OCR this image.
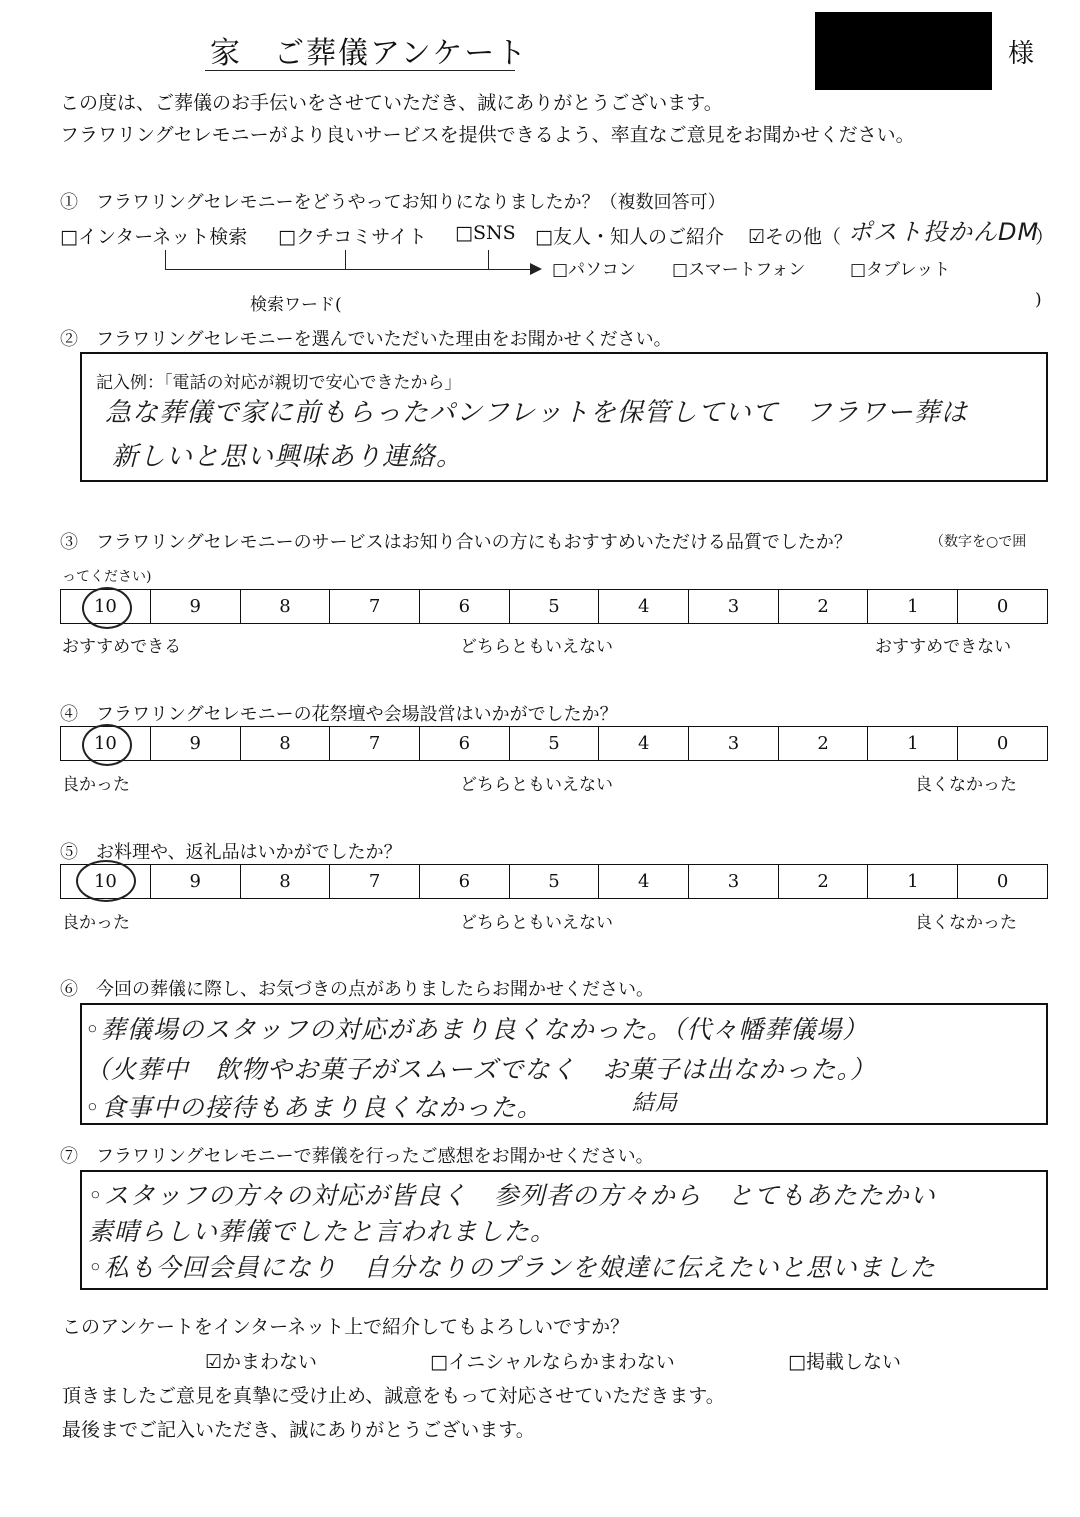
家　ご葬儀アンケート	様
この度は、ご葬儀のお手伝いをさせていただき、誠にありがとうございます。
フラワリングセレモニーがより良いサービスを提供できるよう、率直なご意見をお聞かせください。
①　フラワリングセレモニーをどうやってお知りになりましたか？（複数回答可）
□インターネット検索 □クチコミサイト □SNS □友人・知人のご紹介 ☑その他（ ポスト投かんDM
）
□パソコン □スマートフォン	□タブレット
検索ワード(	)
②　フラワリングセレモニーを選んでいただいた理由をお聞かせください。
記入例：「電話の対応が親切で安心できたから」
急な葬儀で家に前もらったパンフレットを保管していて　フラワー葬は
新しいと思い興味あり連絡。
③　フラワリングセレモニーのサービスはお知り合いの方にもおすすめいただける品質でしたか？	（数字を○で囲
ってください)
10	9	8	7	6	5	4	3	2	1	0
おすすめできる	どちらともいえない	おすすめできない
④　フラワリングセレモニーの花祭壇や会場設営はいかがでしたか？
10	9	8	7	6	5	4	3	2	1	0
良かった	どちらともいえない	良くなかった
⑤　お料理や、返礼品はいかがでしたか？
10	9	8	7	6	5	4	3	2	1	0
良かった	どちらともいえない	良くなかった
⑥　今回の葬儀に際し、お気づきの点がありましたらお聞かせください。
◦葬儀場のスタッフの対応があまり良くなかった。（代々幡葬儀場）
（火葬中　飲物やお菓子がスムーズでなく　お菓子は出なかった。）
◦食事中の接待もあまり良くなかった。	結局
⑦　フラワリングセレモニーで葬儀を行ったご感想をお聞かせください。
◦スタッフの方々の対応が皆良く　参列者の方々から　とてもあたたかい
素晴らしい葬儀でしたと言われました。
◦私も今回会員になり　自分なりのプランを娘達に伝えたいと思いました
このアンケートをインターネット上で紹介してもよろしいですか？
☑かまわない	□イニシャルならかまわない	□掲載しない
頂きましたご意見を真摯に受け止め、誠意をもって対応させていただきます。
最後までご記入いただき、誠にありがとうございます。
